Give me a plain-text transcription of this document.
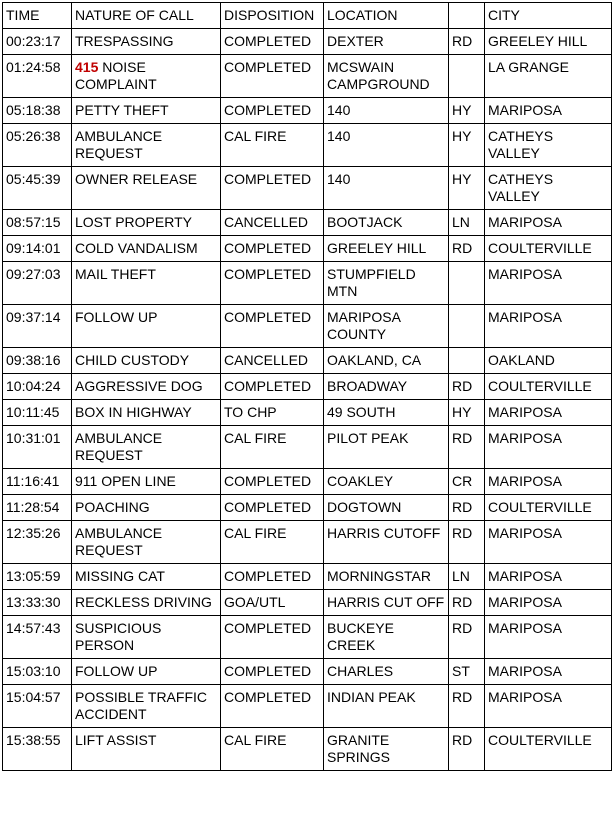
TIME	NATURE OF CALL	DISPOSITION	LOCATION		CITY
00:23:17	TRESPASSING	COMPLETED	DEXTER	RD	GREELEY HILL
01:24:58	415 NOISE COMPLAINT	COMPLETED	MCSWAIN CAMPGROUND		LA GRANGE
05:18:38	PETTY THEFT	COMPLETED	140	HY	MARIPOSA
05:26:38	AMBULANCE REQUEST	CAL FIRE	140	HY	CATHEYS VALLEY
05:45:39	OWNER RELEASE	COMPLETED	140	HY	CATHEYS VALLEY
08:57:15	LOST PROPERTY	CANCELLED	BOOTJACK	LN	MARIPOSA
09:14:01	COLD VANDALISM	COMPLETED	GREELEY HILL	RD	COULTERVILLE
09:27:03	MAIL THEFT	COMPLETED	STUMPFIELD MTN		MARIPOSA
09:37:14	FOLLOW UP	COMPLETED	MARIPOSA COUNTY		MARIPOSA
09:38:16	CHILD CUSTODY	CANCELLED	OAKLAND, CA		OAKLAND
10:04:24	AGGRESSIVE DOG	COMPLETED	BROADWAY	RD	COULTERVILLE
10:11:45	BOX IN HIGHWAY	TO CHP	49 SOUTH	HY	MARIPOSA
10:31:01	AMBULANCE REQUEST	CAL FIRE	PILOT PEAK	RD	MARIPOSA
11:16:41	911 OPEN LINE	COMPLETED	COAKLEY	CR	MARIPOSA
11:28:54	POACHING	COMPLETED	DOGTOWN	RD	COULTERVILLE
12:35:26	AMBULANCE REQUEST	CAL FIRE	HARRIS CUTOFF	RD	MARIPOSA
13:05:59	MISSING CAT	COMPLETED	MORNINGSTAR	LN	MARIPOSA
13:33:30	RECKLESS DRIVING	GOA/UTL	HARRIS CUT OFF	RD	MARIPOSA
14:57:43	SUSPICIOUS PERSON	COMPLETED	BUCKEYE CREEK	RD	MARIPOSA
15:03:10	FOLLOW UP	COMPLETED	CHARLES	ST	MARIPOSA
15:04:57	POSSIBLE TRAFFIC ACCIDENT	COMPLETED	INDIAN PEAK	RD	MARIPOSA
15:38:55	LIFT ASSIST	CAL FIRE	GRANITE SPRINGS	RD	COULTERVILLE
